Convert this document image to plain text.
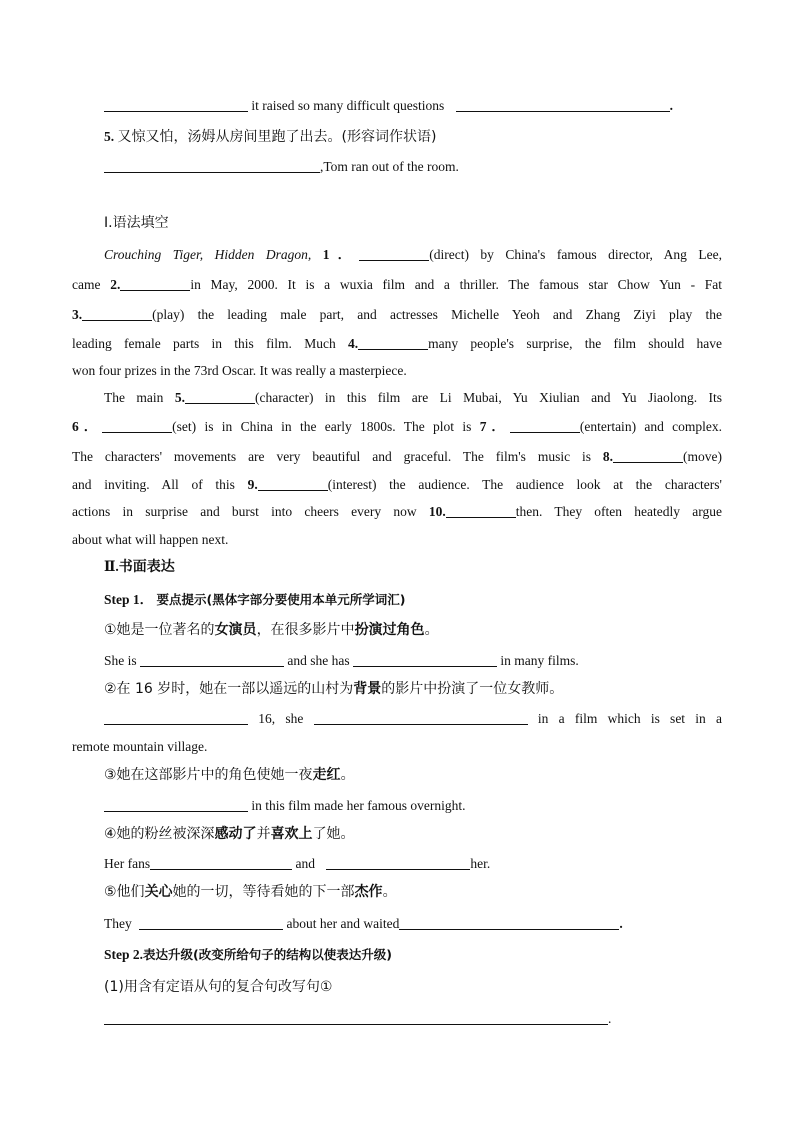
it raised so many difficult questions	.
5. 又惊又怕，汤姆从房间里跑了出去。(形容词作状语)
,Tom ran out of the room.
Ⅰ.语法填空
Crouching Tiger, Hidden Dragon, 1．	(direct) by China's famous director, Ang Lee,
came 2.	in May, 2000. It is a wuxia film and a thriller. The famous star Chow Yun - Fat
3.	(play) the leading male part, and actresses Michelle Yeoh and Zhang Ziyi play the
leading female parts in this film. Much 4.	many people's surprise, the film should have
won four prizes in the 73rd Oscar. It was really a masterpiece.
The main 5.	(character) in this film are Li Mubai, Yu Xiulian and Yu Jiaolong. Its
6．	(set) is in China in the early 1800s. The plot is 7．	(entertain) and complex.
The characters' movements are very beautiful and graceful. The film's music is 8.	(move)
and inviting. All of this 9.	(interest) the audience. The audience look at the characters'
actions in surprise and burst into cheers every now 10.	then. They often heatedly argue
about what will happen next.
Ⅱ.书面表达
Step 1． 要点提示(黑体字部分要使用本单元所学词汇)
①她是一位著名的女演员，在很多影片中扮演过角色。
She is	and she has	in many films.
②在 16 岁时，她在一部以遥远的山村为背景的影片中扮演了一位女教师。
16, she	in a film which is set in a
remote mountain village.
③她在这部影片中的角色使她一夜走红。
in this film made her famous overnight.
④她的粉丝被深深感动了并喜欢上了她。
Her fans	and	her.
⑤他们关心她的一切，等待看她的下一部杰作。
They	about her and waited	.
Step 2.表达升级(改变所给句子的结构以使表达升级)
(1)用含有定语从句的复合句改写句①
.
